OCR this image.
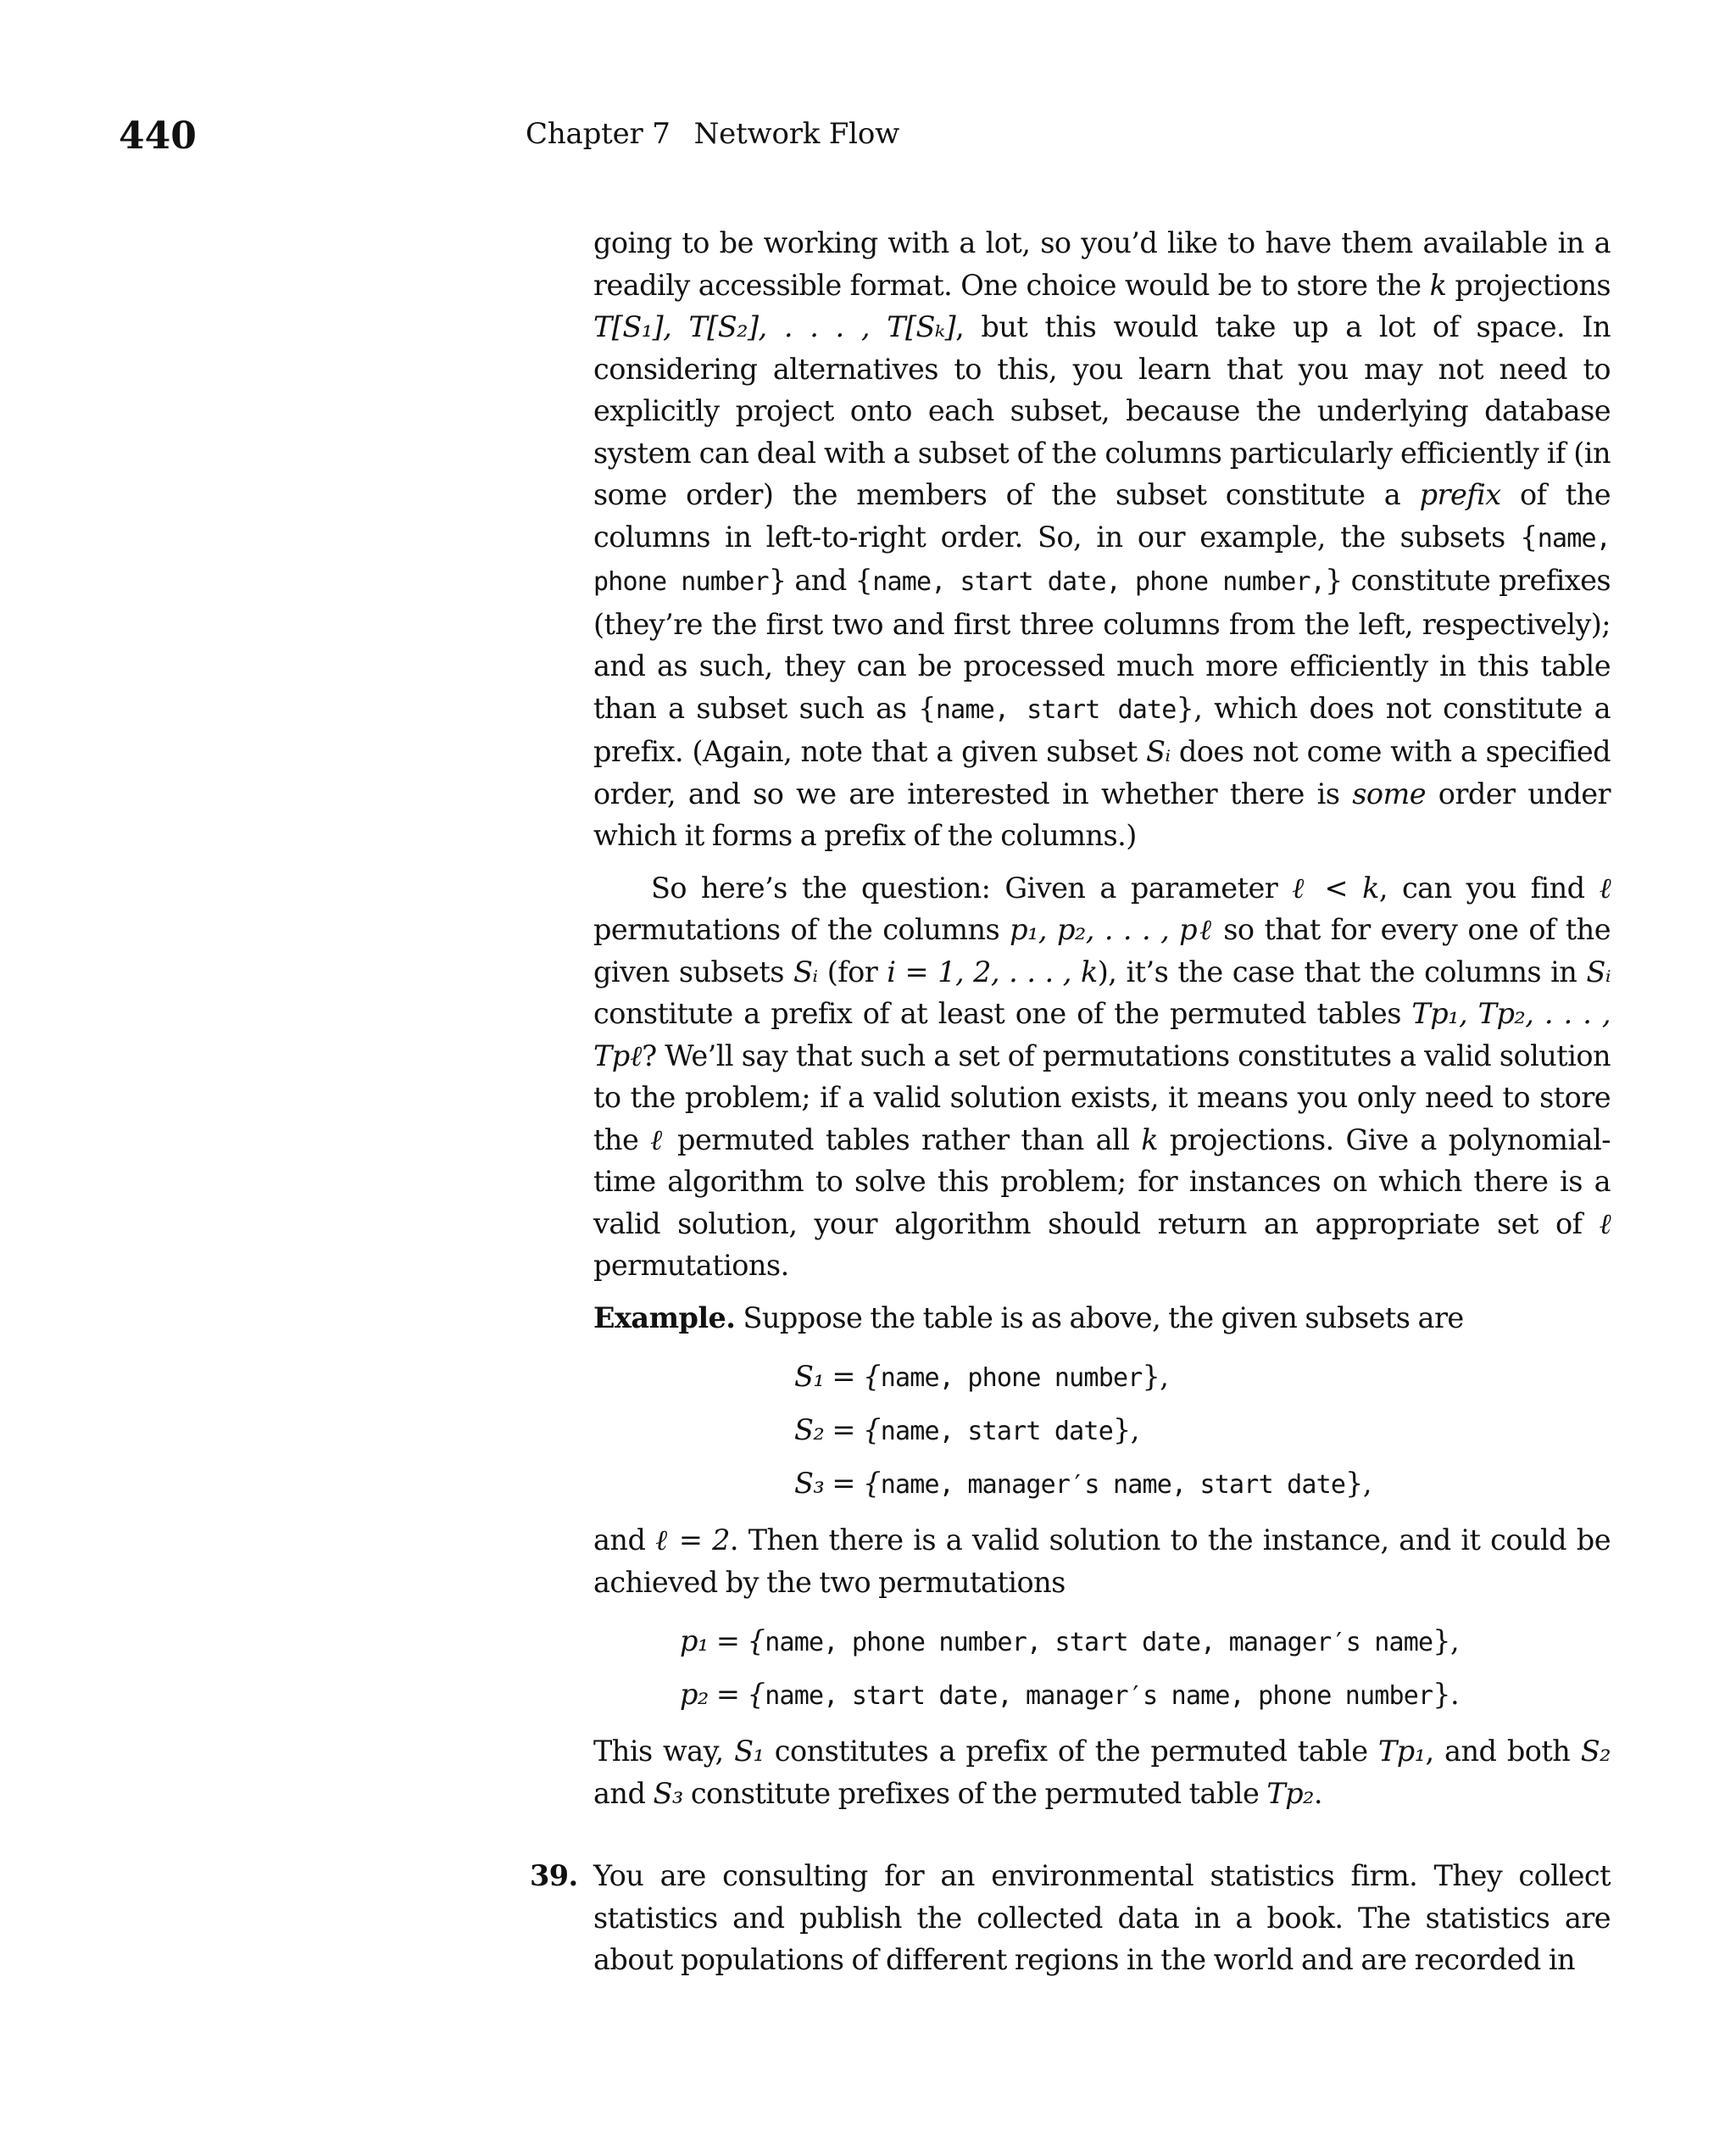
440	Chapter 7 Network Flow

going to be working with a lot, so you’d like to have them available in a readily accessible format. One choice would be to store the k projections T[S₁], T[S₂], . . . , T[Sₖ], but this would take up a lot of space. In considering alternatives to this, you learn that you may not need to explicitly project onto each subset, because the underlying database system can deal with a subset of the columns particularly efficiently if (in some order) the members of the subset constitute a prefix of the columns in left-to-right order. So, in our example, the subsets {name, phone number} and {name, start date, phone number,} constitute prefixes (they’re the first two and first three columns from the left, respectively); and as such, they can be processed much more efficiently in this table than a subset such as {name, start date}, which does not constitute a prefix. (Again, note that a given subset Sᵢ does not come with a specified order, and so we are interested in whether there is some order under which it forms a prefix of the columns.)

So here’s the question: Given a parameter ℓ < k, can you find ℓ permutations of the columns p₁, p₂, . . . , pℓ so that for every one of the given subsets Sᵢ (for i = 1, 2, . . . , k), it’s the case that the columns in Sᵢ constitute a prefix of at least one of the permuted tables Tp₁, Tp₂, . . . , Tpℓ? We’ll say that such a set of permutations constitutes a valid solution to the problem; if a valid solution exists, it means you only need to store the ℓ permuted tables rather than all k projections. Give a polynomial-time algorithm to solve this problem; for instances on which there is a valid solution, your algorithm should return an appropriate set of ℓ permutations.

Example. Suppose the table is as above, the given subsets are

S₁ = {name, phone number},
S₂ = {name, start date},
S₃ = {name, manager′s name, start date},

and ℓ = 2. Then there is a valid solution to the instance, and it could be achieved by the two permutations

p₁ = {name, phone number, start date, manager′s name},
p₂ = {name, start date, manager′s name, phone number}.

This way, S₁ constitutes a prefix of the permuted table Tp₁, and both S₂ and S₃ constitute prefixes of the permuted table Tp₂.

39. You are consulting for an environmental statistics firm. They collect statistics and publish the collected data in a book. The statistics are about populations of different regions in the world and are recorded in
